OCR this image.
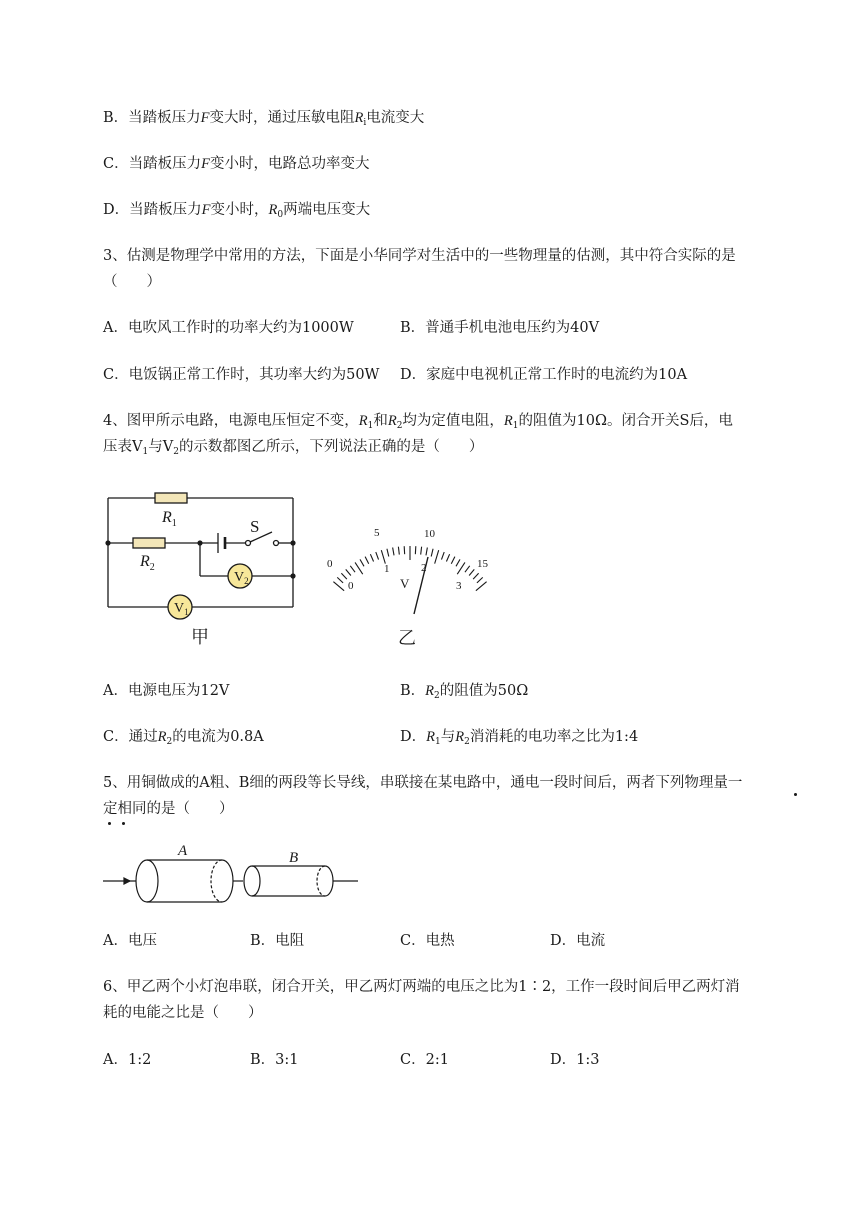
B．当踏板压力F变大时，通过压敏电阻$R_i$电流变大
C．当踏板压力F变小时，电路总功率变大
D．当踏板压力F变小时，$R_0$两端电压变大
3、估测是物理学中常用的方法，下面是小华同学对生活中的一些物理量的估测，其中符合实际的是
（　　）
A．电吹风工作时的功率大约为1000W	B．普通手机电池电压约为40V
C．电饭锅正常工作时，其功率大约为50W D．家庭中电视机正常工作时的电流约为10A
4、图甲所示电路，电源电压恒定不变，$R_1$和$R_2$均为定值电阻，$R_1$的阻值为10Ω。闭合开关S后，电
压表$V_1$与$V_2$的示数都图乙所示，下列说法正确的是（　　）
$V_2$
$V_1$
$R_1$
$R_2$
S
甲
0
5	10
15
0
1	2
3
V
乙
A．电源电压为12V	B．$R_2$的阻值为50Ω
C．通过$R_2$的电流为0.8A	D．$R_1$与$R_2$消消耗的电功率之比为1:4
5、用铜做成的A粗、B细的两段等长导线，串联接在某电路中，通电一段时间后，两者下列物理量一
定相同的是（　　）
A	B
A．电压	B．电阻	C．电热	D．电流
6、甲乙两个小灯泡串联，闭合开关，甲乙两灯两端的电压之比为1∶2，工作一段时间后甲乙两灯消
耗的电能之比是（　　）
A．1:2	B．3:1	C．2:1	D．1:3
